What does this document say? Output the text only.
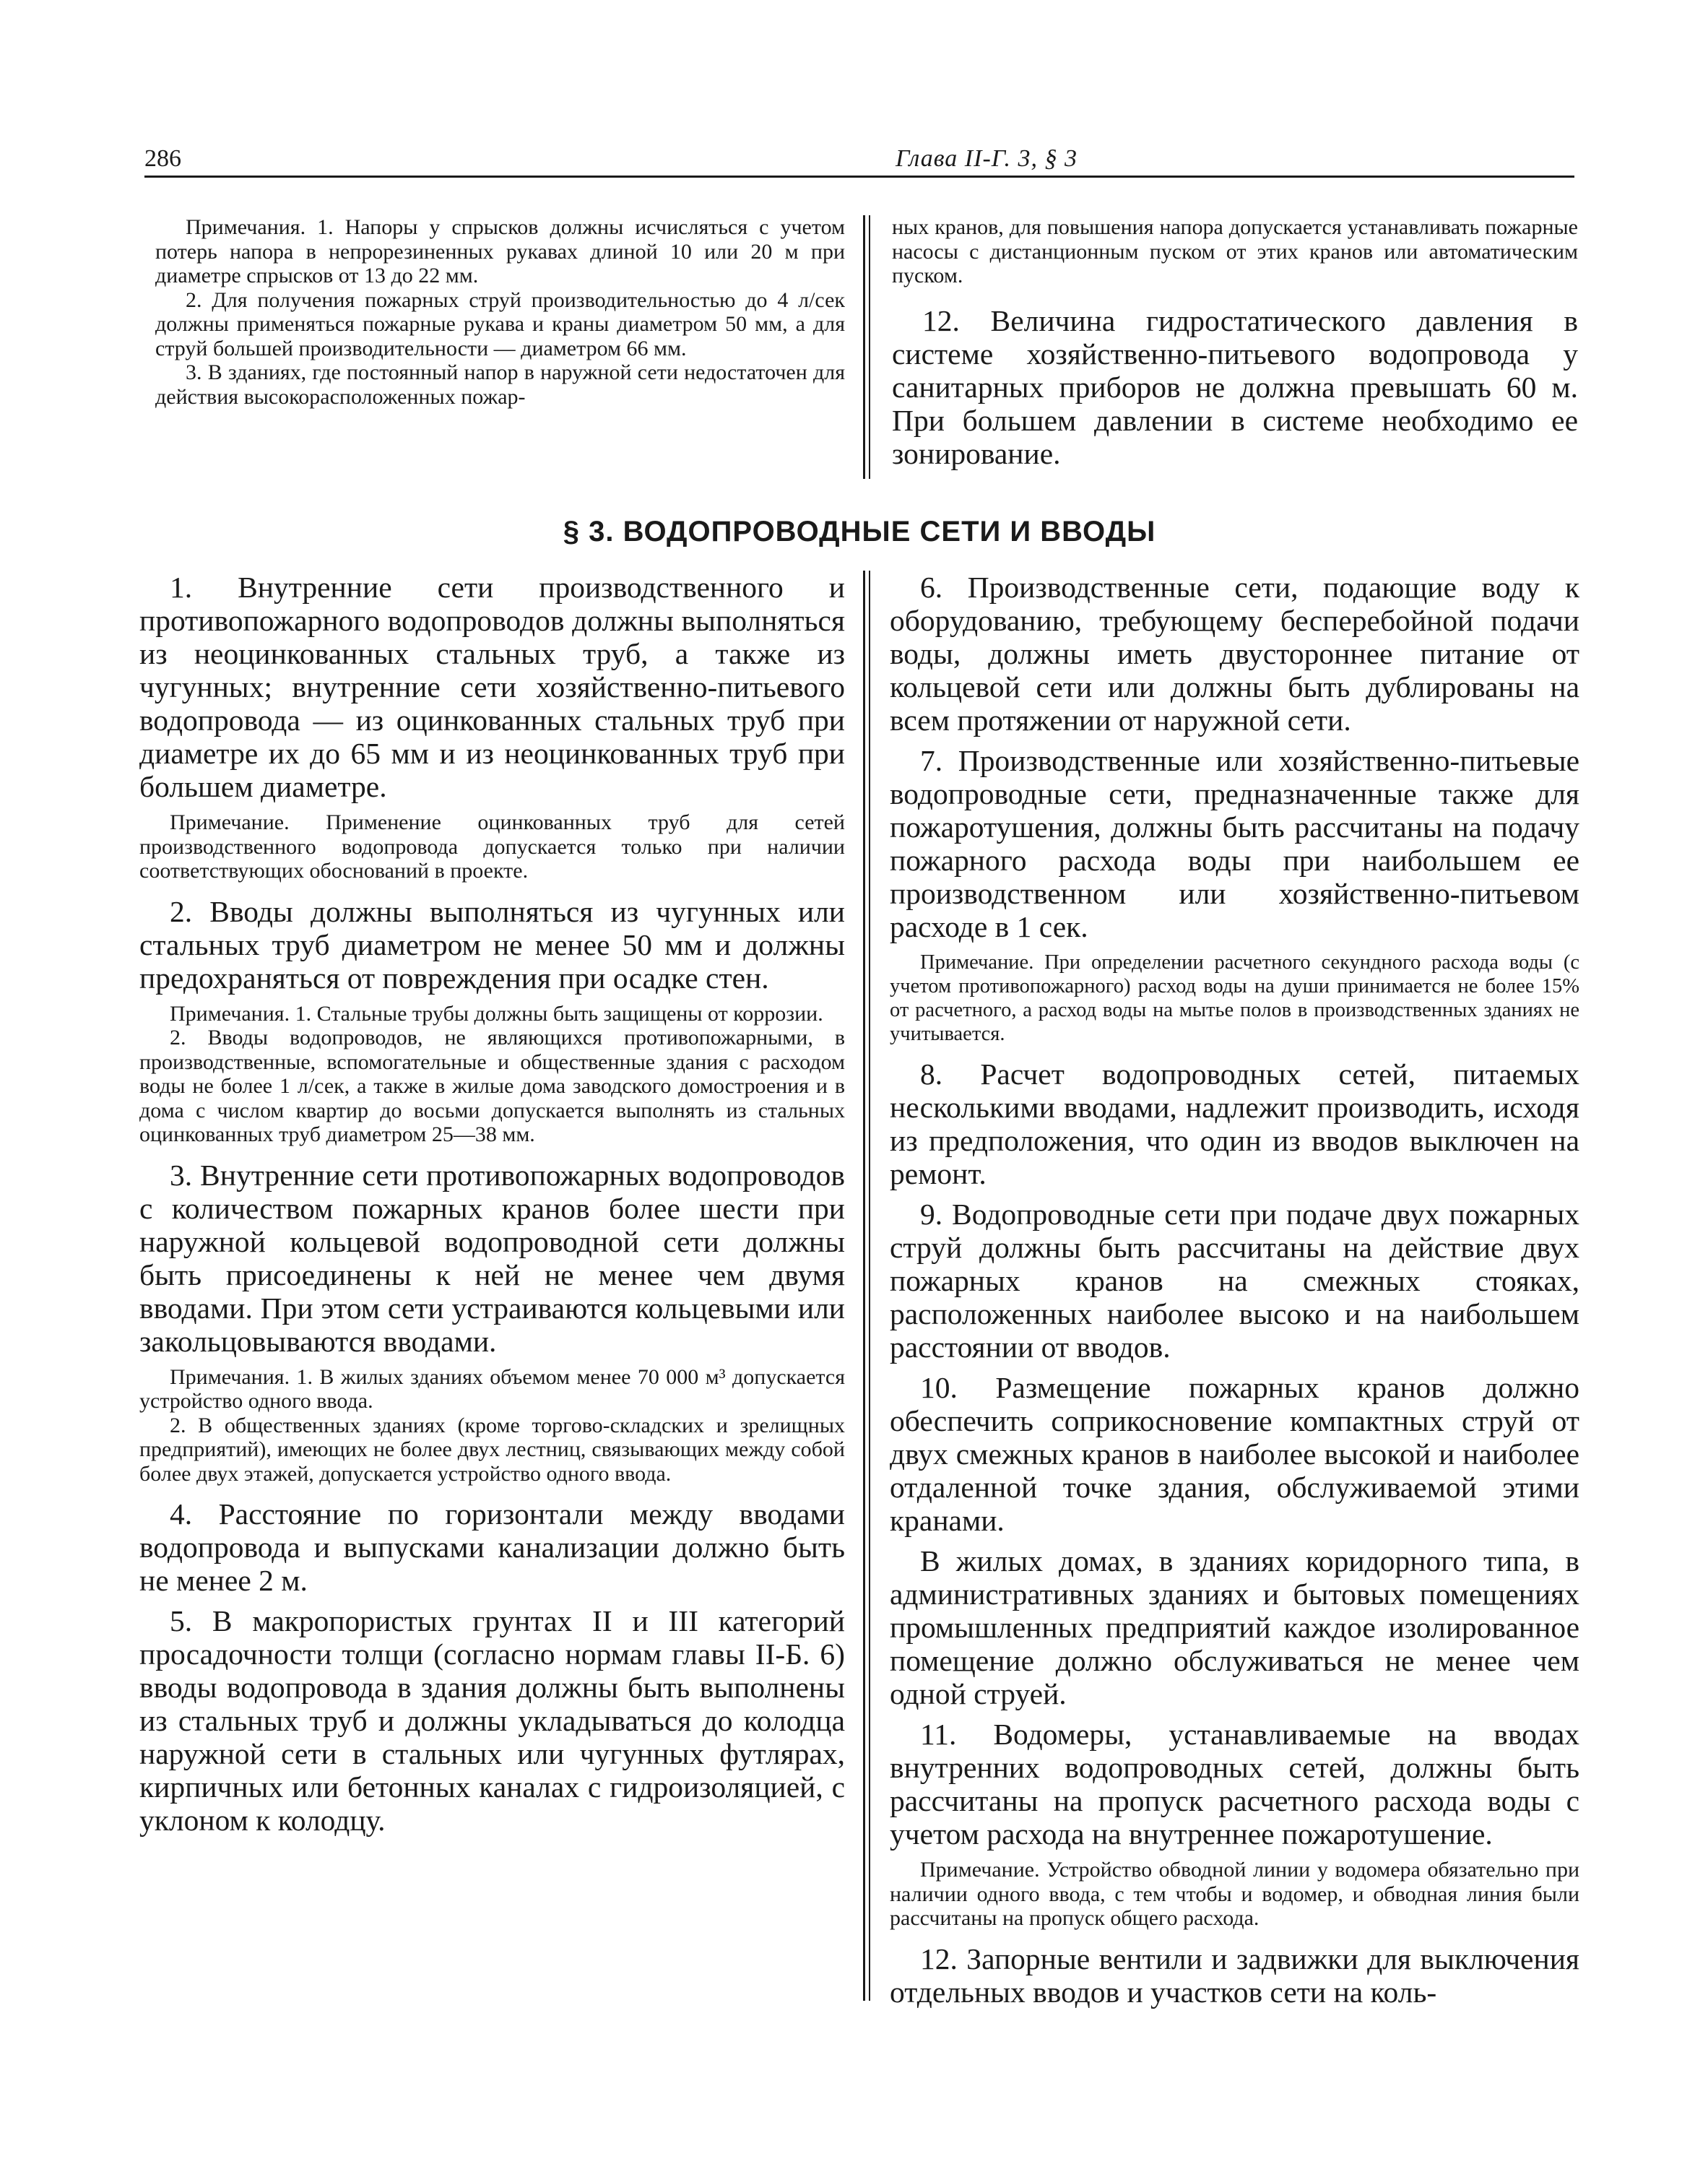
286	Глава II-Г. 3, § 3

Примечания. 1. Напоры у спрысков должны исчисляться с учетом потерь напора в непрорезиненных рукавах длиной 10 или 20 м при диаметре спрысков от 13 до 22 мм.

2. Для получения пожарных струй производительностью до 4 л/сек должны применяться пожарные рукава и краны диаметром 50 мм, а для струй большей производительности — диаметром 66 мм.

3. В зданиях, где постоянный напор в наружной сети недостаточен для действия высокорасположенных пожар-

ных кранов, для повышения напора допускается устанавливать пожарные насосы с дистанционным пуском от этих кранов или автоматическим пуском.

12. Величина гидростатического давления в системе хозяйственно-питьевого водопровода у санитарных приборов не должна превышать 60 м. При большем давлении в системе необходимо ее зонирование.

§ 3. ВОДОПРОВОДНЫЕ СЕТИ И ВВОДЫ

1. Внутренние сети производственного и противопожарного водопроводов должны выполняться из неоцинкованных стальных труб, а также из чугунных; внутренние сети хозяйственно-питьевого водопровода — из оцинкованных стальных труб при диаметре их до 65 мм и из неоцинкованных труб при большем диаметре.

Примечание. Применение оцинкованных труб для сетей производственного водопровода допускается только при наличии соответствующих обоснований в проекте.

2. Вводы должны выполняться из чугунных или стальных труб диаметром не менее 50 мм и должны предохраняться от повреждения при осадке стен.

Примечания. 1. Стальные трубы должны быть защищены от коррозии.

2. Вводы водопроводов, не являющихся противопожарными, в производственные, вспомогательные и общественные здания с расходом воды не более 1 л/сек, а также в жилые дома заводского домостроения и в дома с числом квартир до восьми допускается выполнять из стальных оцинкованных труб диаметром 25—38 мм.

3. Внутренние сети противопожарных водопроводов с количеством пожарных кранов более шести при наружной кольцевой водопроводной сети должны быть присоединены к ней не менее чем двумя вводами. При этом сети устраиваются кольцевыми или закольцовываются вводами.

Примечания. 1. В жилых зданиях объемом менее 70 000 м³ допускается устройство одного ввода.

2. В общественных зданиях (кроме торгово-складских и зрелищных предприятий), имеющих не более двух лестниц, связывающих между собой более двух этажей, допускается устройство одного ввода.

4. Расстояние по горизонтали между вводами водопровода и выпусками канализации должно быть не менее 2 м.

5. В макропористых грунтах II и III категорий просадочности толщи (согласно нормам главы II-Б. 6) вводы водопровода в здания должны быть выполнены из стальных труб и должны укладываться до колодца наружной сети в стальных или чугунных футлярах, кирпичных или бетонных каналах с гидроизоляцией, с уклоном к колодцу.

6. Производственные сети, подающие воду к оборудованию, требующему бесперебойной подачи воды, должны иметь двустороннее питание от кольцевой сети или должны быть дублированы на всем протяжении от наружной сети.

7. Производственные или хозяйственно-питьевые водопроводные сети, предназначенные также для пожаротушения, должны быть рассчитаны на подачу пожарного расхода воды при наибольшем ее производственном или хозяйственно-питьевом расходе в 1 сек.

Примечание. При определении расчетного секундного расхода воды (с учетом противопожарного) расход воды на души принимается не более 15% от расчетного, а расход воды на мытье полов в производственных зданиях не учитывается.

8. Расчет водопроводных сетей, питаемых несколькими вводами, надлежит производить, исходя из предположения, что один из вводов выключен на ремонт.

9. Водопроводные сети при подаче двух пожарных струй должны быть рассчитаны на действие двух пожарных кранов на смежных стояках, расположенных наиболее высоко и на наибольшем расстоянии от вводов.

10. Размещение пожарных кранов должно обеспечить соприкосновение компактных струй от двух смежных кранов в наиболее высокой и наиболее отдаленной точке здания, обслуживаемой этими кранами.

В жилых домах, в зданиях коридорного типа, в административных зданиях и бытовых помещениях промышленных предприятий каждое изолированное помещение должно обслуживаться не менее чем одной струей.

11. Водомеры, устанавливаемые на вводах внутренних водопроводных сетей, должны быть рассчитаны на пропуск расчетного расхода воды с учетом расхода на внутреннее пожаротушение.

Примечание. Устройство обводной линии у водомера обязательно при наличии одного ввода, с тем чтобы и водомер, и обводная линия были рассчитаны на пропуск общего расхода.

12. Запорные вентили и задвижки для выключения отдельных вводов и участков сети на коль-
